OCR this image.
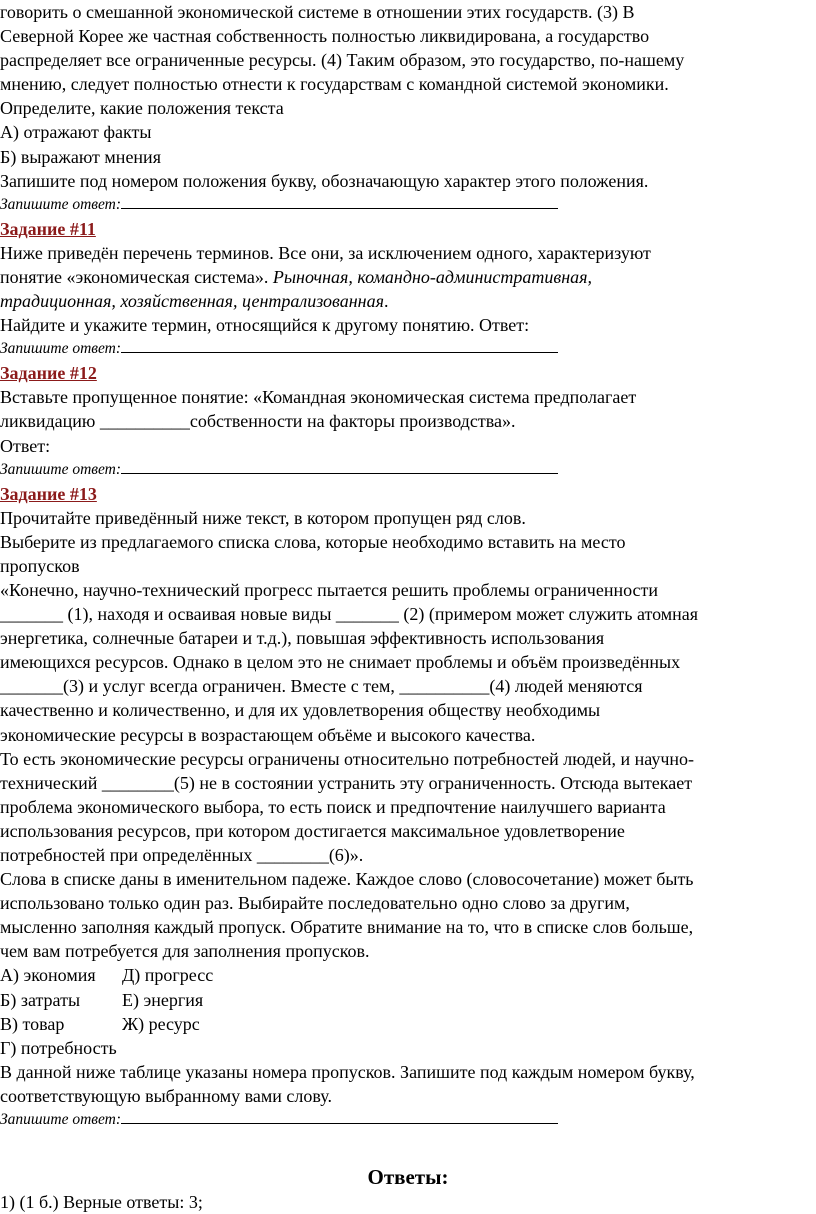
говорить о смешанной экономической системе в отношении этих государств. (3) В
Северной Корее же частная собственность полностью ликвидирована, а государство
распределяет все ограниченные ресурсы. (4) Таким образом, это государство, по-нашему
мнению, следует полностью отнести к государствам с командной системой экономики.
Определите, какие положения текста
А) отражают факты
Б) выражают мнения
Запишите под номером положения букву, обозначающую характер этого положения.
Запишите ответ:
Задание #11
Ниже приведён перечень терминов. Все они, за исключением одного, характеризуют
понятие «экономическая система». Рыночная, командно-административная,
традиционная, хозяйственная, централизованная.
Найдите и укажите термин, относящийся к другому понятию. Ответ:
Запишите ответ:
Задание #12
Вставьте пропущенное понятие: «Командная экономическая система предполагает
ликвидацию __________собственности на факторы производства».
Ответ:
Запишите ответ:
Задание #13
Прочитайте приведённый ниже текст, в котором пропущен ряд слов.
Выберите из предлагаемого списка слова, которые необходимо вставить на место
пропусков
«Конечно, научно-технический прогресс пытается решить проблемы ограниченности
_______ (1), находя и осваивая новые виды _______ (2) (примером может служить атомная
энергетика, солнечные батареи и т.д.), повышая эффективность использования
имеющихся ресурсов. Однако в целом это не снимает проблемы и объём произведённых
_______(3) и услуг всегда ограничен. Вместе с тем, __________(4) людей меняются
качественно и количественно, и для их удовлетворения обществу необходимы
экономические ресурсы в возрастающем объёме и высокого качества.
То есть экономические ресурсы ограничены относительно потребностей людей, и научно-
технический ________(5) не в состоянии устранить эту ограниченность. Отсюда вытекает
проблема экономического выбора, то есть поиск и предпочтение наилучшего варианта
использования ресурсов, при котором достигается максимальное удовлетворение
потребностей при определённых ________(6)».
Слова в списке даны в именительном падеже. Каждое слово (словосочетание) может быть
использовано только один раз. Выбирайте последовательно одно слово за другим,
мысленно заполняя каждый пропуск. Обратите внимание на то, что в списке слов больше,
чем вам потребуется для заполнения пропусков.
А) экономия	Д) прогресс
Б) затраты	Е) энергия
В) товар	Ж) ресурс
Г) потребность
В данной ниже таблице указаны номера пропусков. Запишите под каждым номером букву,
соответствующую выбранному вами слову.
Запишите ответ:
Ответы:
1) (1 б.) Верные ответы: 3;
